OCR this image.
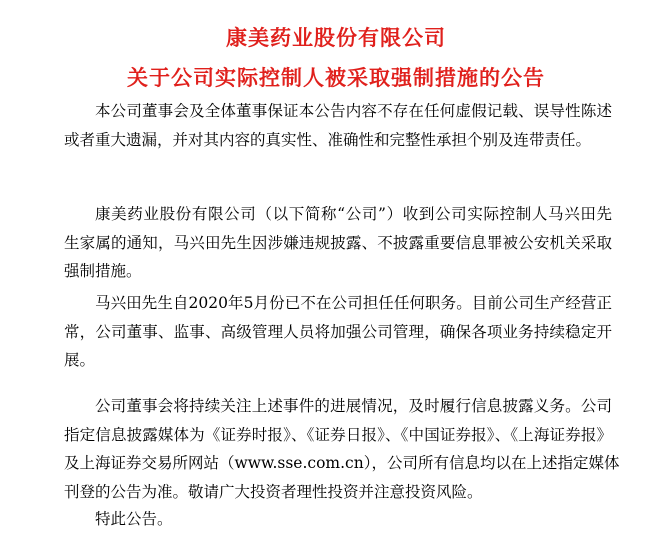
康美药业股份有限公司
关于公司实际控制人被采取强制措施的公告
本公司董事会及全体董事保证本公告内容不存在任何虚假记载、误导性陈述
或者重大遗漏，并对其内容的真实性、准确性和完整性承担个别及连带责任。
康美药业股份有限公司（以下简称“公司”）收到公司实际控制人马兴田先
生家属的通知，马兴田先生因涉嫌违规披露、不披露重要信息罪被公安机关采取
强制措施。
马兴田先生自2020年5月份已不在公司担任任何职务。目前公司生产经营正
常，公司董事、监事、高级管理人员将加强公司管理，确保各项业务持续稳定开
展。
公司董事会将持续关注上述事件的进展情况，及时履行信息披露义务。公司
指定信息披露媒体为《证券时报》、《证券日报》、《中国证券报》、《上海证券报》
及上海证券交易所网站（www.sse.com.cn），公司所有信息均以在上述指定媒体
刊登的公告为准。敬请广大投资者理性投资并注意投资风险。
特此公告。
